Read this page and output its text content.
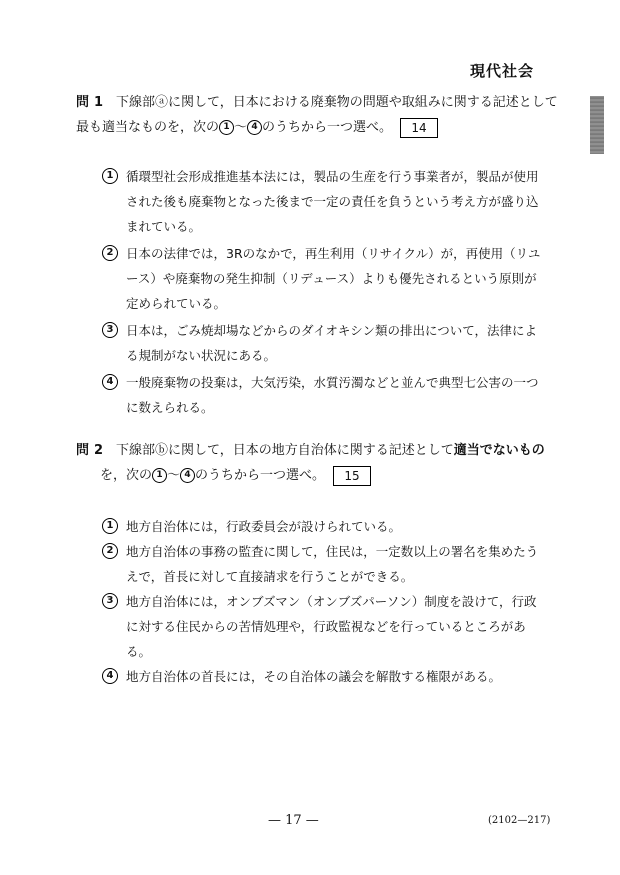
現代社会
問 1 下線部ⓐに関して，日本における廃棄物の問題や取組みに関する記述として
最も適当なものを，次の 1 ～ 4 のうちから一つ選べ。 14
1	循環型社会形成推進基本法には，製品の生産を行う事業者が，製品が使用された後も廃棄物となった後まで一定の責任を負うという考え方が盛り込まれている。
2	日本の法律では，3Rのなかで，再生利用（リサイクル）が，再使用（リユース）や廃棄物の発生抑制（リデュース）よりも優先されるという原則が定められている。
3	日本は，ごみ焼却場などからのダイオキシン類の排出について，法律による規制がない状況にある。
4	一般廃棄物の投棄は，大気汚染，水質汚濁などと並んで典型七公害の一つに数えられる。
問 2 下線部ⓑに関して，日本の地方自治体に関する記述として適当でないもの
を，次の 1 ～ 4 のうちから一つ選べ。 15
1	地方自治体には，行政委員会が設けられている。
2	地方自治体の事務の監査に関して，住民は，一定数以上の署名を集めたうえで，首長に対して直接請求を行うことができる。
3	地方自治体には，オンブズマン（オンブズパーソン）制度を設けて，行政に対する住民からの苦情処理や，行政監視などを行っているところがある。
4	地方自治体の首長には，その自治体の議会を解散する権限がある。
— 17 —	(2102—217)
